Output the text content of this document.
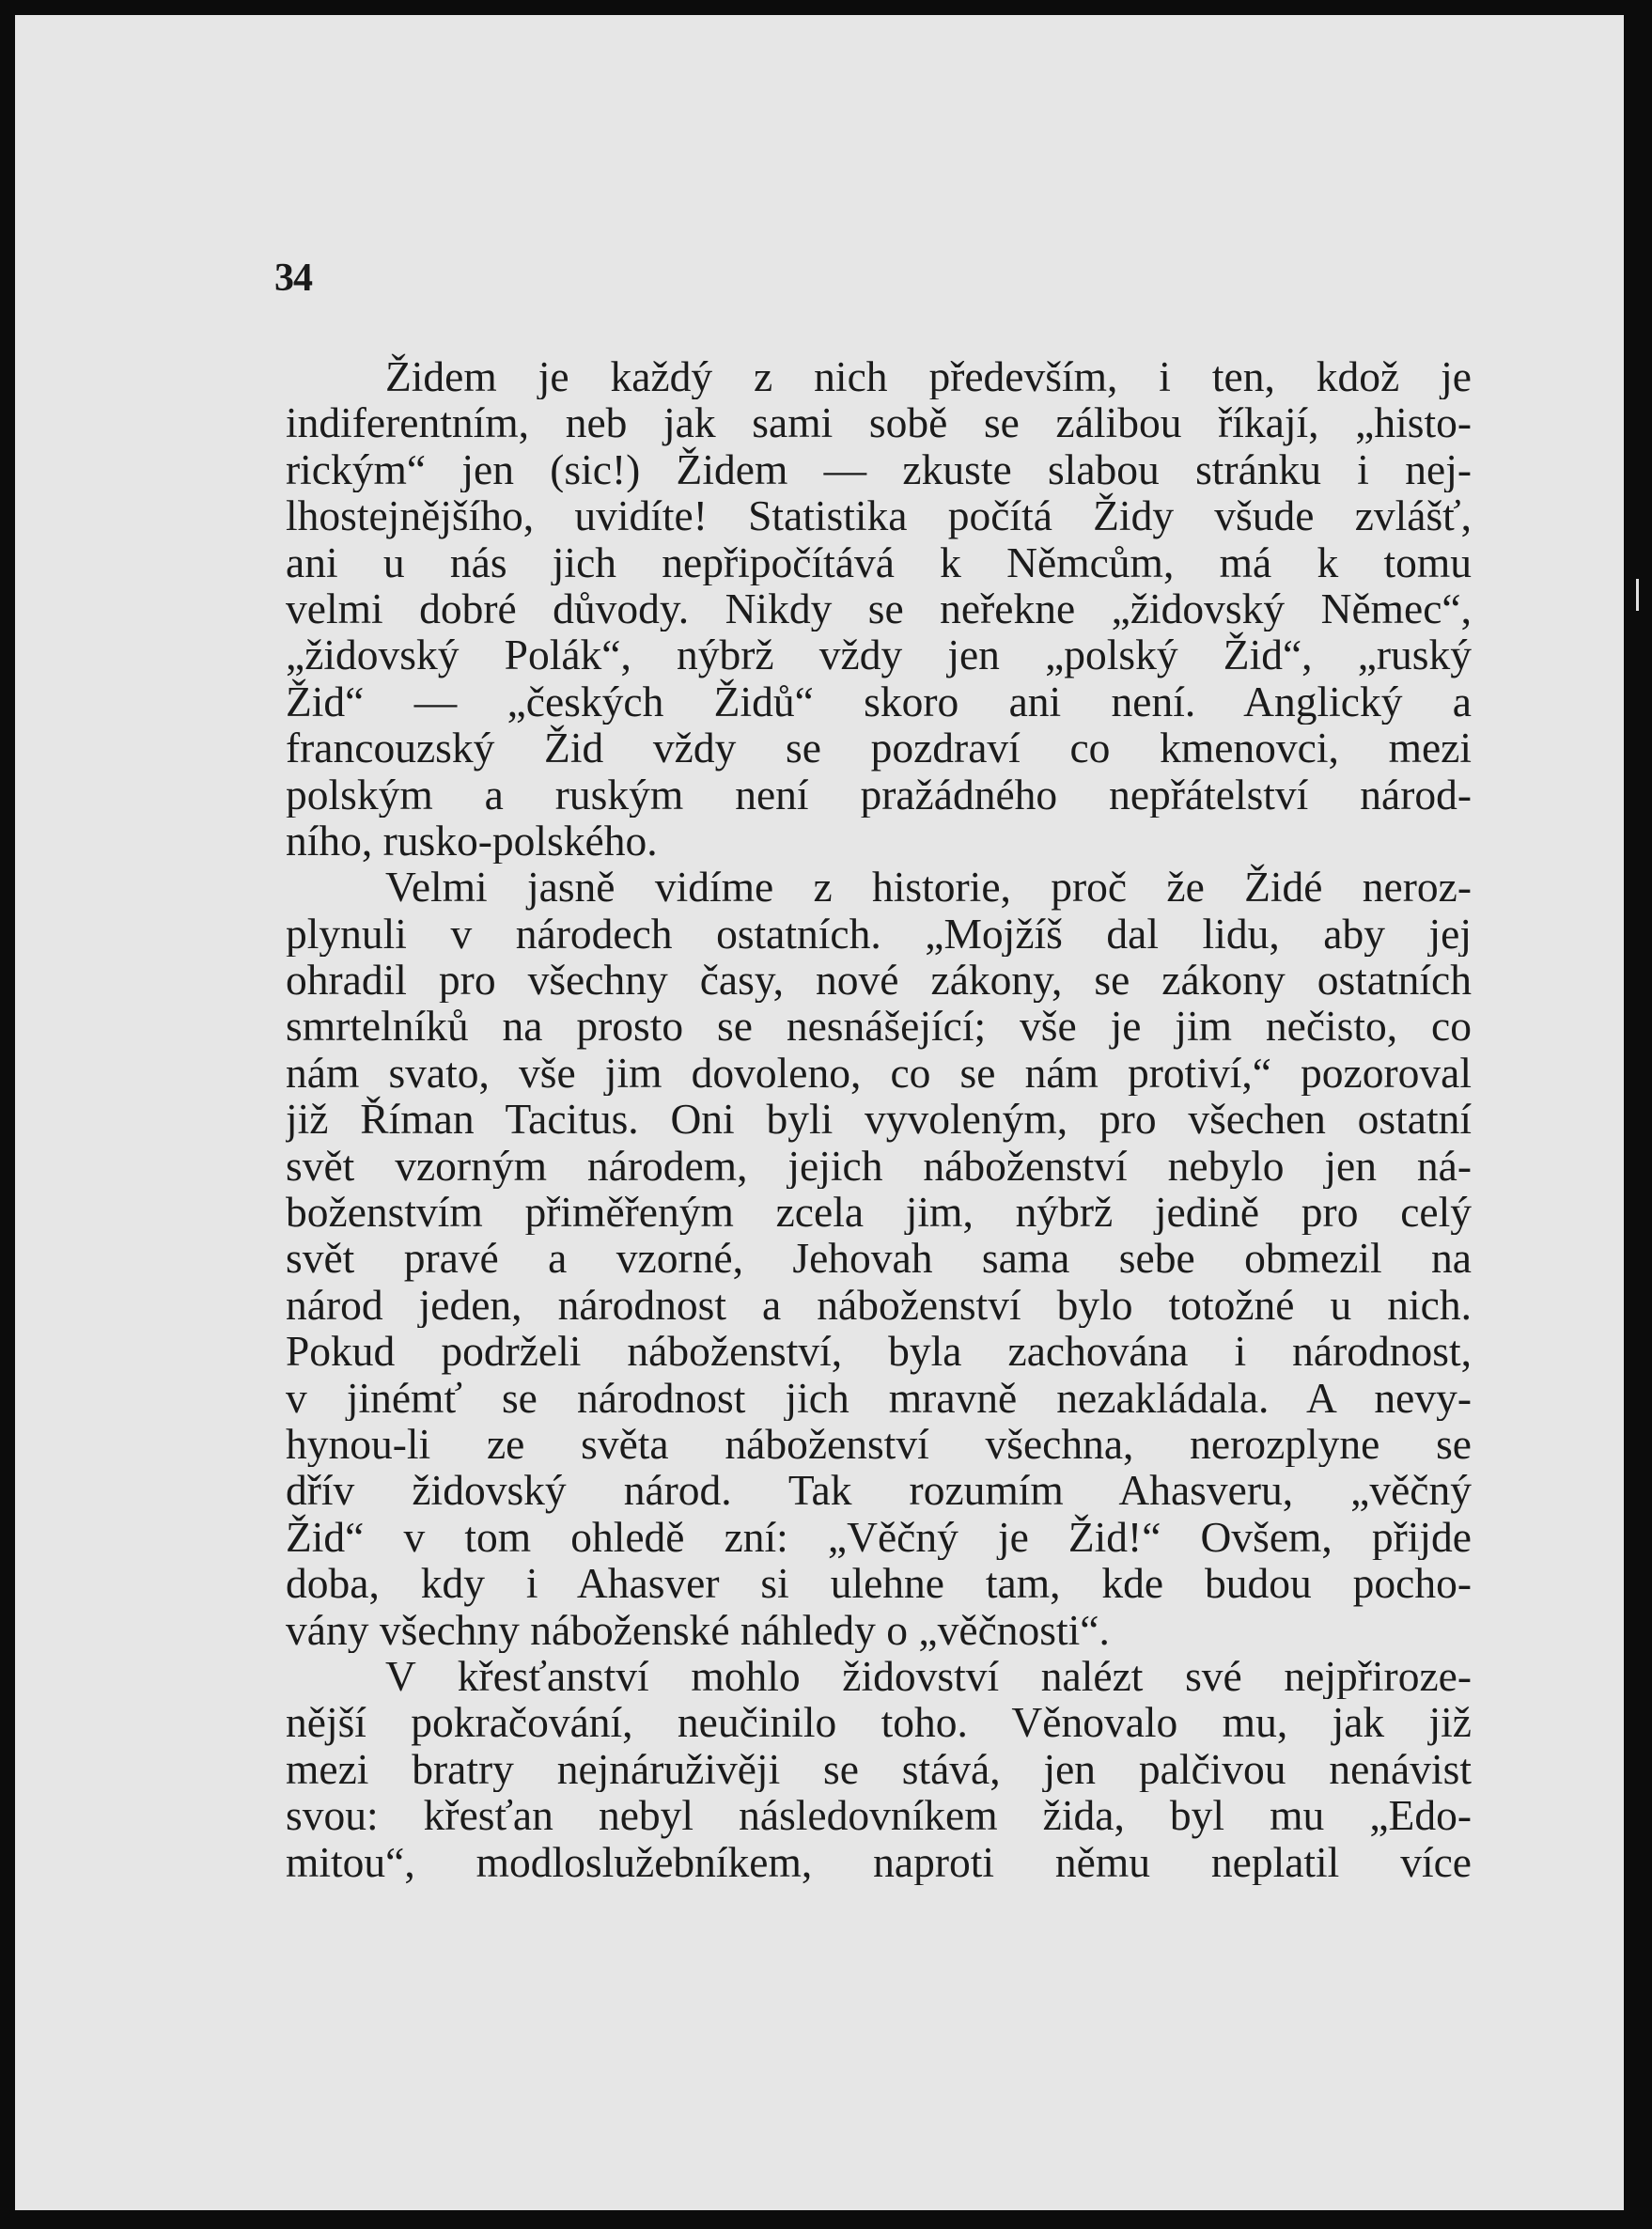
34
Židem je každý z nich především, i ten, kdož je
indiferentním, neb jak sami sobě se zálibou říkají, „histo-
rickým“ jen (sic!) Židem — zkuste slabou stránku i nej-
lhostejnějšího, uvidíte! Statistika počítá Židy všude zvlášť,
ani u nás jich nepřipočítává k Němcům, má k tomu
velmi dobré důvody. Nikdy se neřekne „židovský Němec“,
„židovský Polák“, nýbrž vždy jen „polský Žid“, „ruský
Žid“ — „českých Židů“ skoro ani není. Anglický a
francouzský Žid vždy se pozdraví co kmenovci, mezi
polským a ruským není pražádného nepřátelství národ-
ního, rusko-polského.
Velmi jasně vidíme z historie, proč že Židé neroz-
plynuli v národech ostatních. „Mojžíš dal lidu, aby jej
ohradil pro všechny časy, nové zákony, se zákony ostatních
smrtelníků na prosto se nesnášející; vše je jim nečisto, co
nám svato, vše jim dovoleno, co se nám protiví,“ pozoroval
již Říman Tacitus. Oni byli vyvoleným, pro všechen ostatní
svět vzorným národem, jejich náboženství nebylo jen ná-
boženstvím přiměřeným zcela jim, nýbrž jedině pro celý
svět pravé a vzorné, Jehovah sama sebe obmezil na
národ jeden, národnost a náboženství bylo totožné u nich.
Pokud podrželi náboženství, byla zachována i národnost,
v jinémť se národnost jich mravně nezakládala. A nevy-
hynou-li ze světa náboženství všechna, nerozplyne se
dřív židovský národ. Tak rozumím Ahasveru, „věčný
Žid“ v tom ohledě zní: „Věčný je Žid!“ Ovšem, přijde
doba, kdy i Ahasver si ulehne tam, kde budou pocho-
vány všechny náboženské náhledy o „věčnosti“.
V křesťanství mohlo židovství nalézt své nejpřiroze-
nější pokračování, neučinilo toho. Věnovalo mu, jak již
mezi bratry nejnáruživěji se stává, jen palčivou nenávist
svou: křesťan nebyl následovníkem žida, byl mu „Edo-
mitou“, modloslužebníkem, naproti němu neplatil více
